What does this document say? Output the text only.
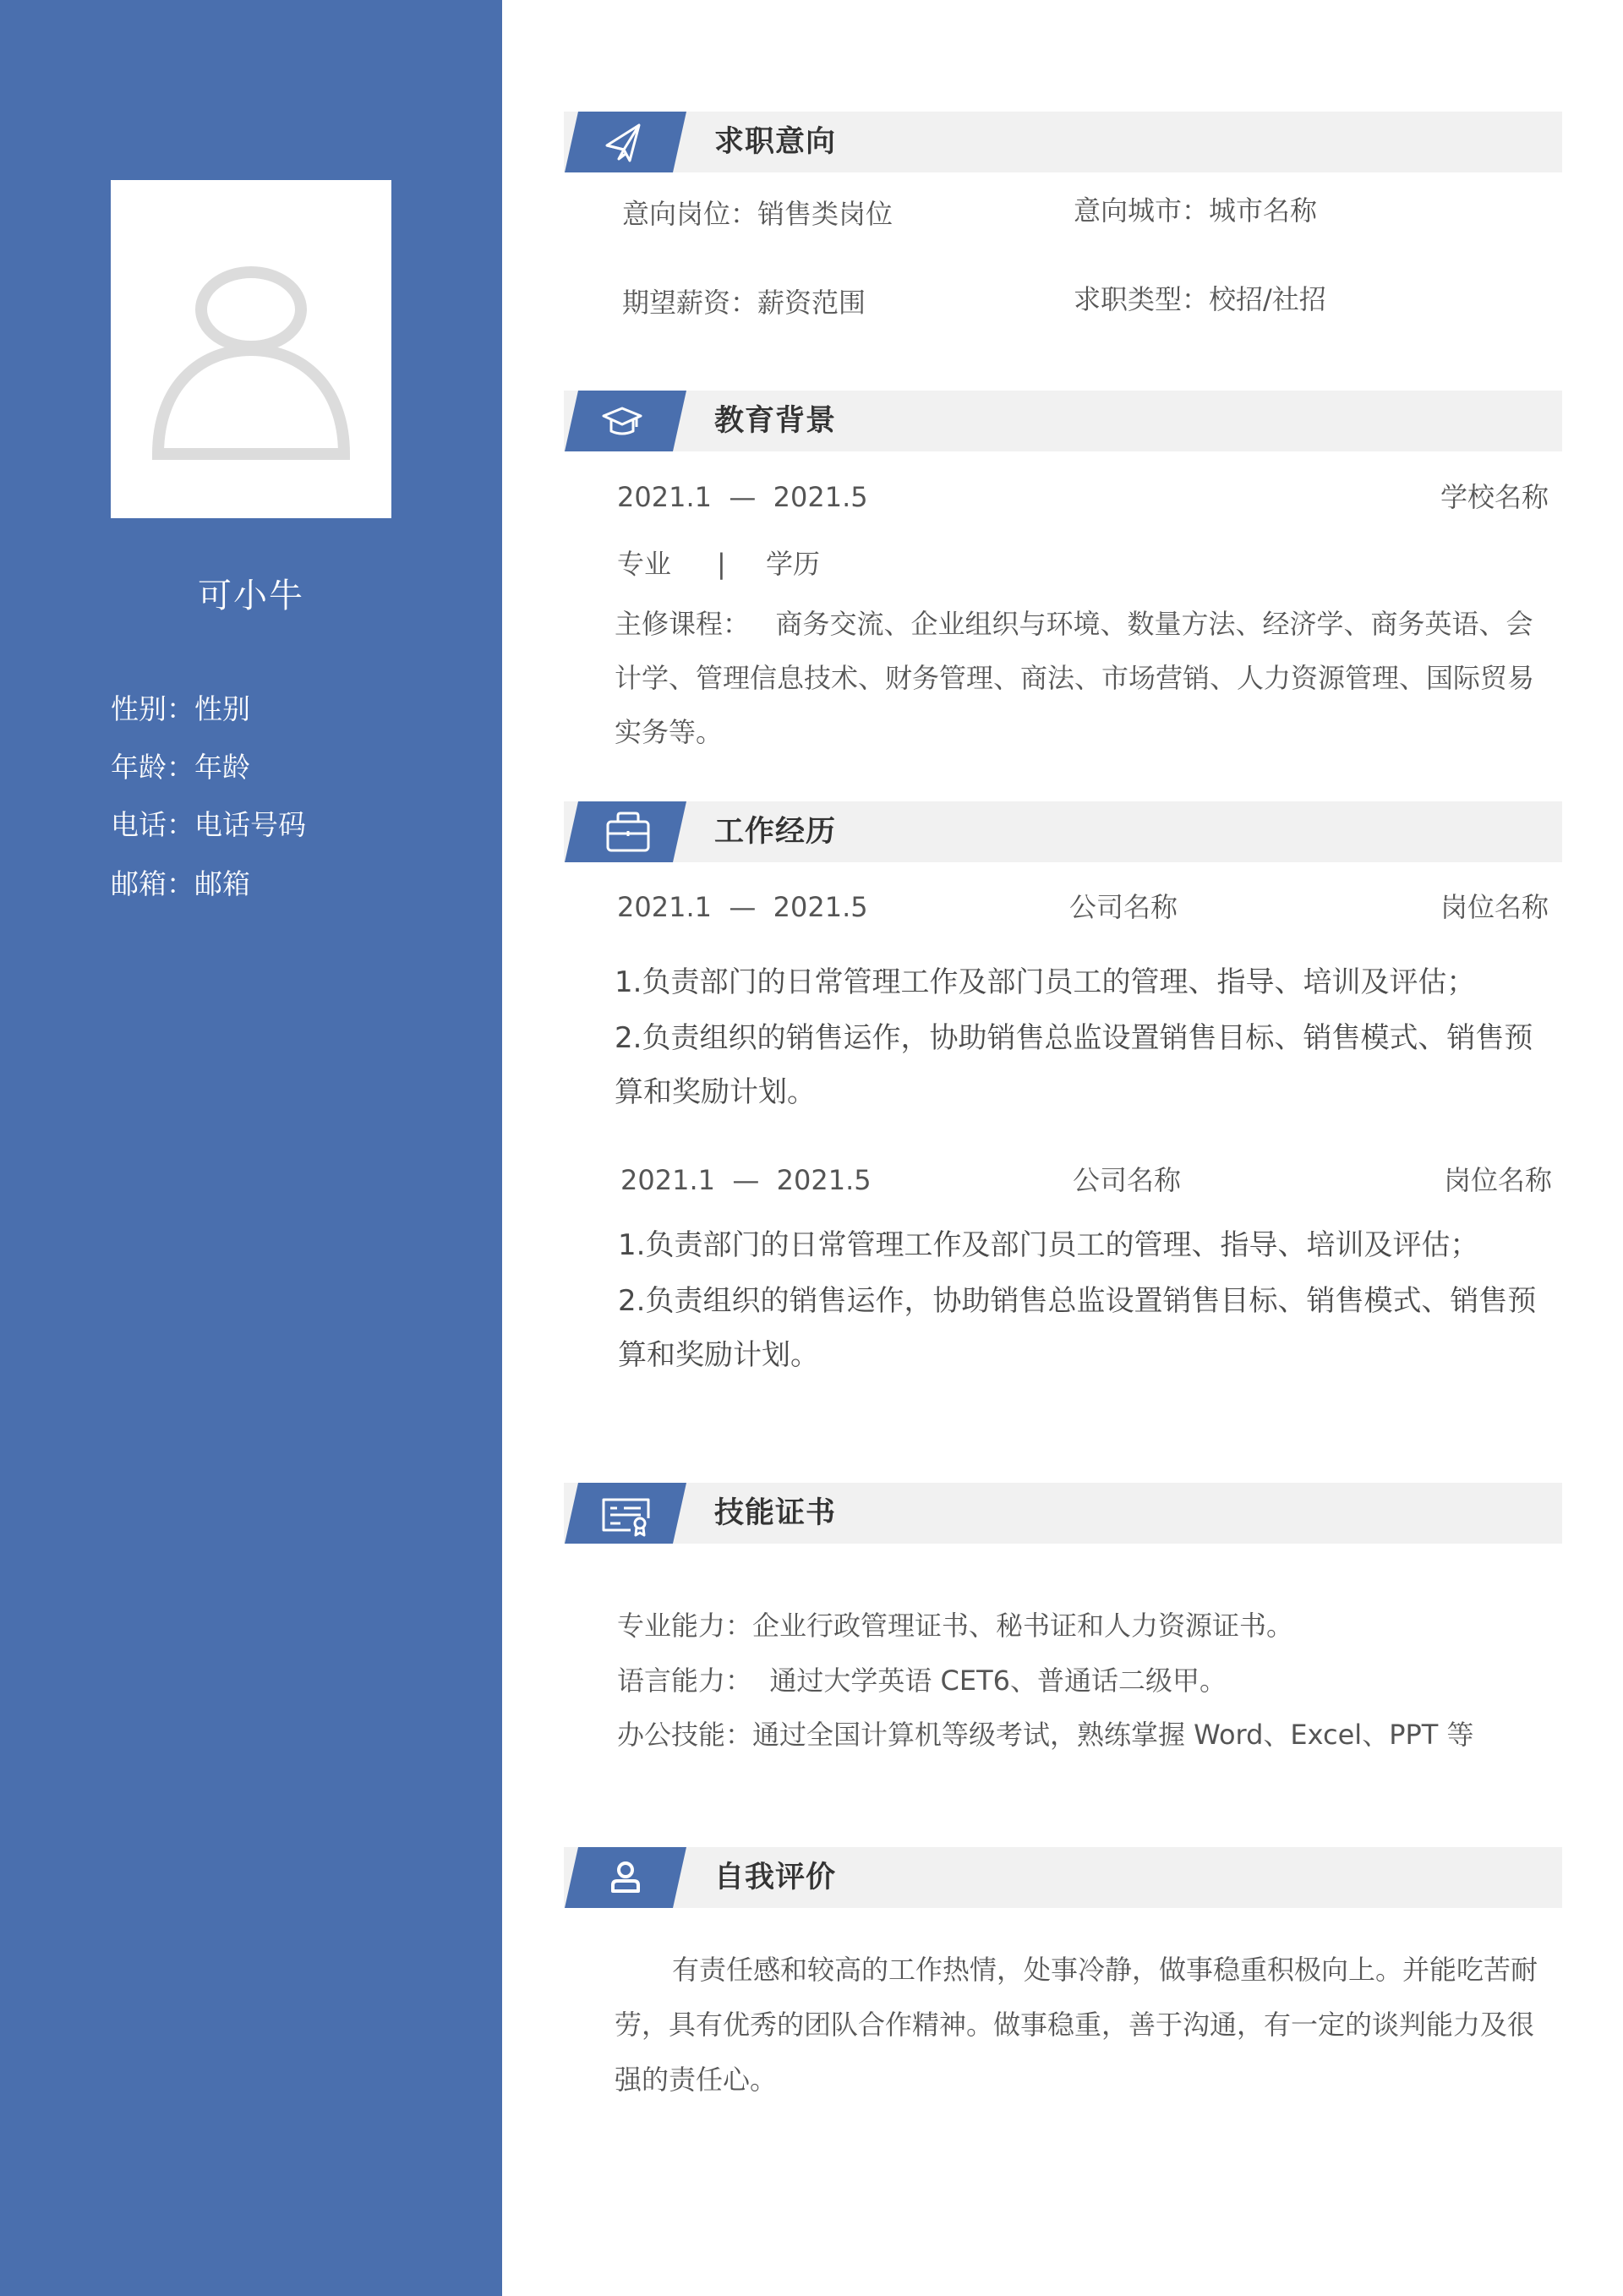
可小牛
性别：性别
年龄：年龄
电话：电话号码
邮箱：邮箱
求职意向
意向岗位：销售类岗位	意向城市：城市名称
期望薪资：薪资范围	求职类型：校招/社招
教育背景
2021.1  —  2021.5	学校名称
专业 | 学历
主修课程：   商务交流、企业组织与环境、数量方法、经济学、商务英语、会计学、管理信息技术、财务管理、商法、市场营销、人力资源管理、国际贸易实务等。
工作经历
2021.1  —  2021.5	公司名称	岗位名称
1.负责部门的日常管理工作及部门员工的管理、指导、培训及评估；
2.负责组织的销售运作，协助销售总监设置销售目标、销售模式、销售预算和奖励计划。
2021.1  —  2021.5	公司名称	岗位名称
1.负责部门的日常管理工作及部门员工的管理、指导、培训及评估；
2.负责组织的销售运作，协助销售总监设置销售目标、销售模式、销售预算和奖励计划。
技能证书
专业能力：企业行政管理证书、秘书证和人力资源证书。
语言能力：  通过大学英语 CET6、普通话二级甲。
办公技能：通过全国计算机等级考试，熟练掌握 Word、Excel、PPT 等
自我评价
有责任感和较高的工作热情，处事冷静，做事稳重积极向上。并能吃苦耐劳，具有优秀的团队合作精神。做事稳重，善于沟通，有一定的谈判能力及很强的责任心。
